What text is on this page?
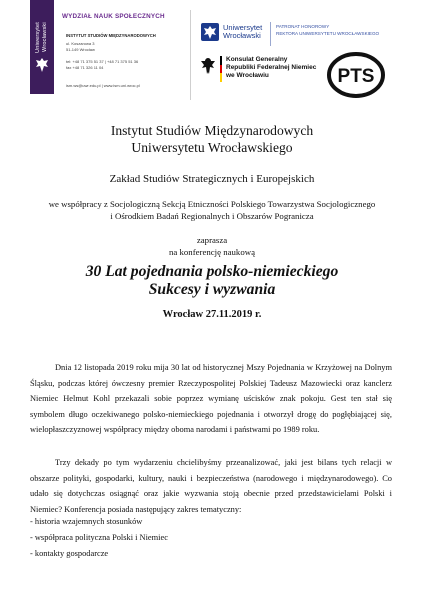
Uniwersytet Wrocławski
WYDZIAŁ NAUK SPOŁECZNYCH
INSTYTUT STUDIÓW MIĘDZYNARODOWYCH
ul. Koszarowa 3
51-149 Wrocław
tel: +48 71 375 51 37 | +48 71 375 51 36
fax +48 71 326 11 04
ism.ws@uwr.edu.pl | www.ism.uni.wroc.pl
Uniwersytet
Wrocławski
PATRONAT HONOROWY
REKTORA UNIWERSYTETU WROCŁAWSKIEGO
Konsulat Generalny
Republiki Federalnej Niemiec
we Wrocławiu	PTS
Instytut Studiów Międzynarodowych
Uniwersytetu Wrocławskiego
Zakład Studiów Strategicznych i Europejskich
we współpracy z Socjologiczną Sekcją Etniczności Polskiego Towarzystwa Socjologicznego
i Ośrodkiem Badań Regionalnych i Obszarów Pogranicza
zaprasza
na konferencję naukową
30 Lat pojednania polsko-niemieckiego
Sukcesy i wyzwania
Wrocław 27.11.2019 r.
Dnia 12 listopada 2019 roku mija 30 lat od historycznej Mszy Pojednania w Krzyżowej na Dolnym Śląsku, podczas której ówczesny premier Rzeczypospolitej Polskiej Tadeusz Mazowiecki oraz kanclerz Niemiec Helmut Kohl przekazali sobie poprzez wymianę uścisków znak pokoju. Gest ten stał się symbolem długo oczekiwanego polsko-niemieckiego pojednania i otworzył drogę do pogłębiającej się, wielopłaszczyznowej współpracy między oboma narodami i państwami po 1989 roku.
Trzy dekady po tym wydarzeniu chcielibyśmy przeanalizować, jaki jest bilans tych relacji w obszarze polityki, gospodarki, kultury, nauki i bezpieczeństwa (narodowego i międzynarodowego). Co udało się dotychczas osiągnąć oraz jakie wyzwania stoją obecnie przed przedstawicielami Polski i Niemiec? Konferencja posiada następujący zakres tematyczny:
- historia wzajemnych stosunków
- współpraca polityczna Polski i Niemiec
- kontakty gospodarcze
